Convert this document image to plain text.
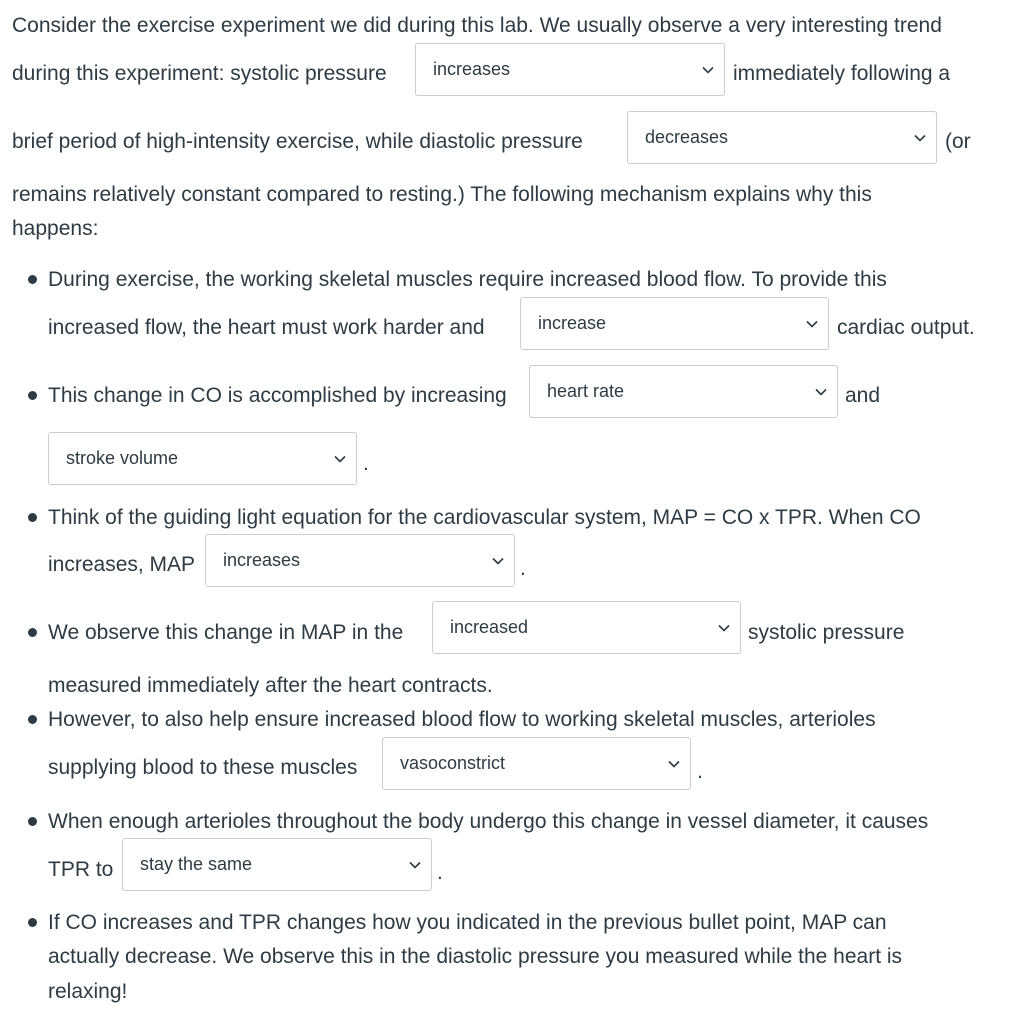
Consider the exercise experiment we did during this lab. We usually observe a very interesting trend
during this experiment: systolic pressure	increases	immediately following a
brief period of high-intensity exercise, while diastolic pressure	decreases	(or
remains relatively constant compared to resting.) The following mechanism explains why this
happens:
During exercise, the working skeletal muscles require increased blood flow. To provide this
increased flow, the heart must work harder and	increase	cardiac output.
This change in CO is accomplished by increasing heart rate	and
stroke volume	.
Think of the guiding light equation for the cardiovascular system, MAP = CO x TPR. When CO
increases, MAP increases	.
We observe this change in MAP in the	increased	systolic pressure
measured immediately after the heart contracts.
However, to also help ensure increased blood flow to working skeletal muscles, arterioles
supplying blood to these muscles vasoconstrict	.
When enough arterioles throughout the body undergo this change in vessel diameter, it causes
TPR to stay the same	.
If CO increases and TPR changes how you indicated in the previous bullet point, MAP can
actually decrease. We observe this in the diastolic pressure you measured while the heart is
relaxing!
